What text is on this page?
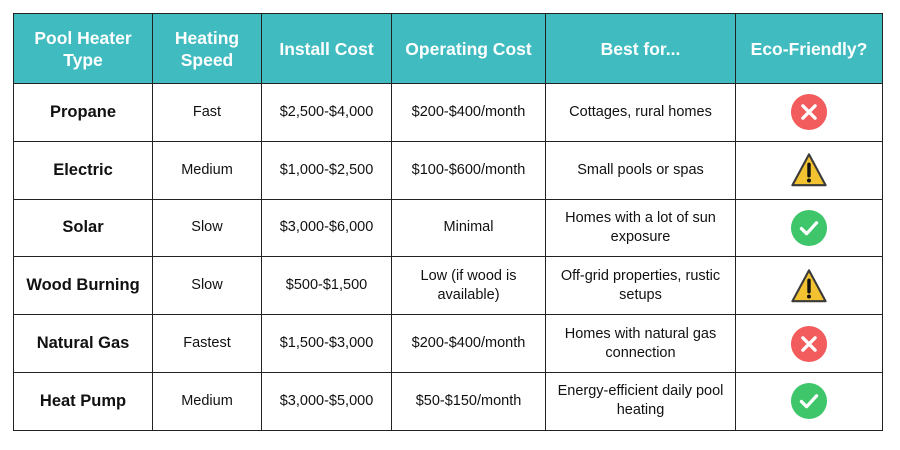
Pool Heater Type	Heating Speed	Install Cost	Operating Cost	Best for...	Eco-Friendly?
Propane	Fast	$2,500-$4,000	$200-$400/month	Cottages, rural homes	

Electric	Medium	$1,000-$2,500	$100-$600/month	Small pools or spas	

Solar	Slow	$3,000-$6,000	Minimal	Homes with a lot of sun exposure	

Wood Burning	Slow	$500-$1,500	Low (if wood is available)	Off-grid properties, rustic setups	

Natural Gas	Fastest	$1,500-$3,000	$200-$400/month	Homes with natural gas connection	

Heat Pump	Medium	$3,000-$5,000	$50-$150/month	Energy-efficient daily pool heating	
